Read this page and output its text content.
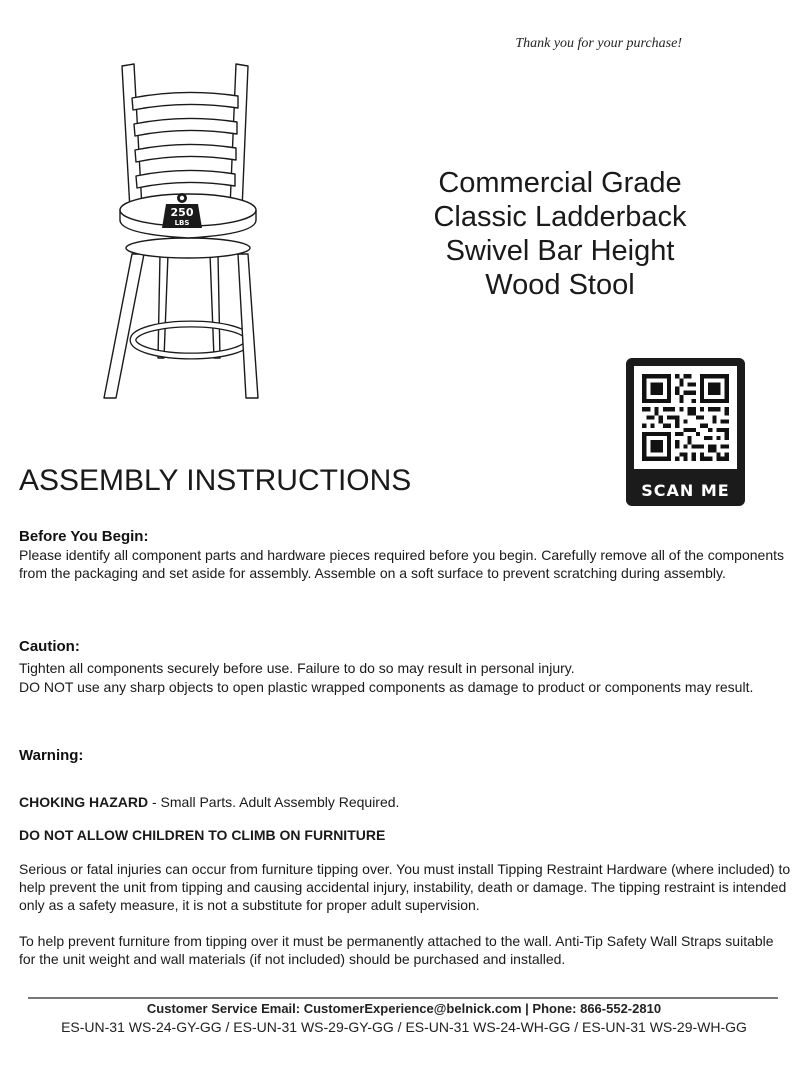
Thank you for your purchase!
250
LBS
Commercial Grade
Classic Ladderback
Swivel Bar Height
Wood Stool
SCAN ME
ASSEMBLY INSTRUCTIONS
Before You Begin:
Please identify all component parts and hardware pieces required before you begin. Carefully remove all of the components from the packaging and set aside for assembly. Assemble on a soft surface to prevent scratching during assembly.
Caution:
Tighten all components securely before use. Failure to do so may result in personal injury.
DO NOT use any sharp objects to open plastic wrapped components as damage to product or components may result.
Warning:
CHOKING HAZARD - Small Parts. Adult Assembly Required.
DO NOT ALLOW CHILDREN TO CLIMB ON FURNITURE
Serious or fatal injuries can occur from furniture tipping over. You must install Tipping Restraint Hardware (where included) to help prevent the unit from tipping and causing accidental injury, instability, death or damage. The tipping restraint is intended only as a safety measure, it is not a substitute for proper adult supervision.
To help prevent furniture from tipping over it must be permanently attached to the wall. Anti-Tip Safety Wall Straps suitable for the unit weight and wall materials (if not included) should be purchased and installed.
Customer Service Email: CustomerExperience@belnick.com | Phone: 866-552-2810
ES-UN-31 WS-24-GY-GG / ES-UN-31 WS-29-GY-GG / ES-UN-31 WS-24-WH-GG / ES-UN-31 WS-29-WH-GG
